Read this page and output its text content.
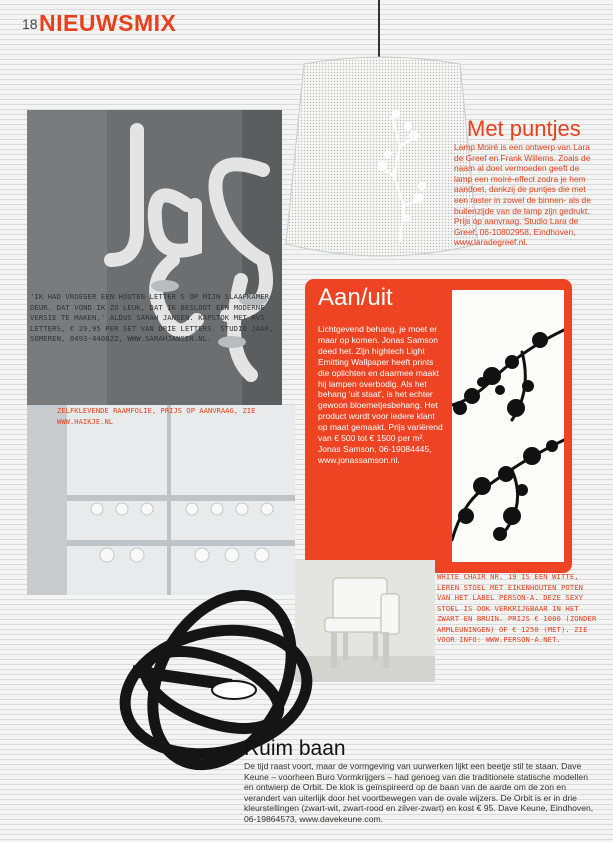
18 NIEUWSMIX
'IK HAD VROEGER EEN HOUTEN LETTER S OP MIJN SLAAPKAMER-DEUR. DAT VOND IK ZO LEUK, DAT IK BESLOOT EEN MODERNE VERSIE TE MAKEN,' ALDUS SARAH JANSEN. KAPSTOK MET RVS LETTERS, € 29,95 PER SET VAN DRIE LETTERS. STUDIO JAAR, SOMEREN, 0493-440822, WWW.SARAHJANSEN.NL.
ZELFKLEVENDE RAAMFOLIE, PRIJS OP AANVRAAG, ZIE WWW.HAIKJE.NL
Met puntjes
Lamp Moiré is een ontwerp van Lara de Greef en Frank Willems. Zoals de naam al doet vermoeden geeft de lamp een moiré-effect zodra je hem aandoet, dankzij de puntjes die met een raster in zowel de binnen- als de buitenzijde van de lamp zijn gedrukt. Prijs op aanvraag. Studio Lara de Greef, 06-10802958, Eindhoven, www.laradegreef.nl.
Aan/uit
Lichtgevend behang, je moet er maar op komen. Jonas Samson deed het. Zijn hightech Light Emitting Wallpaper heeft prints die oplichten en daarmee maakt hij lampen overbodig. Als het behang 'uit staat', is het echter gewoon bloemetjesbehang. Het product wordt voor iedere klant op maat gemaakt. Prijs variërend van € 500 tot € 1500 per m². Jonas Samson, 06-19084445, www.jonassamson.nl.
WHITE CHAIR NR. 19 IS EEN WITTE, LEREN STOEL MET EIKENHOUTEN POTEN VAN HET LABEL PERSON-A. DEZE SEXY STOEL IS OOK VERKRIJGBAAR IN HET ZWART EN BRUIN. PRIJS € 1000 (ZONDER ARMLEUNINGEN) OF € 1250 (MET). ZIE VOOR INFO: WWW.PERSON-A.NET.
Ruim baan
De tijd raast voort, maar de vormgeving van uurwerken lijkt een beetje stil te staan. Dave Keune – voorheen Buro Vormkrijgers – had genoeg van die traditionele statische modellen en ontwierp de Orbit. De klok is geïnspireerd op de baan van de aarde om de zon en verandert van uiterlijk door het voortbewegen van de ovale wijzers. De Orbit is er in drie kleurstellingen (zwart-wit, zwart-rood en zilver-zwart) en kost € 95. Dave Keune, Eindhoven, 06-19864573, www.davekeune.com.
